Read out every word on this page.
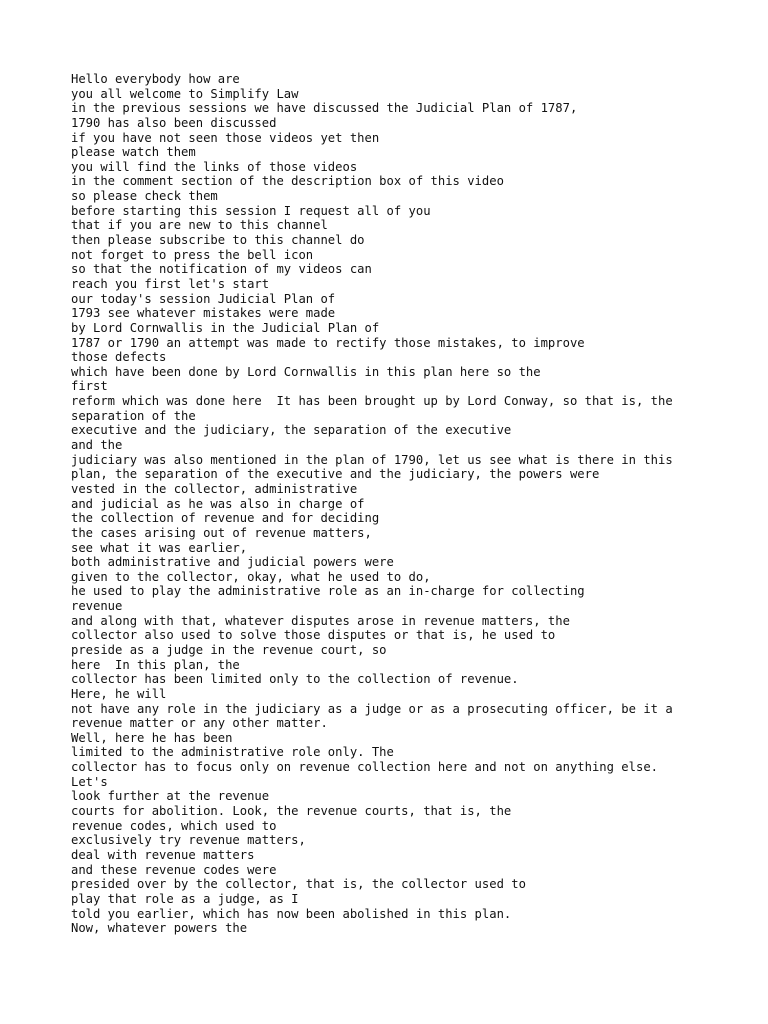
Hello everybody how are
you all welcome to Simplify Law
in the previous sessions we have discussed the Judicial Plan of 1787,
1790 has also been discussed
if you have not seen those videos yet then
please watch them
you will find the links of those videos
in the comment section of the description box of this video
so please check them
before starting this session I request all of you
that if you are new to this channel
then please subscribe to this channel do
not forget to press the bell icon
so that the notification of my videos can
reach you first let's start
our today's session Judicial Plan of
1793 see whatever mistakes were made
by Lord Cornwallis in the Judicial Plan of
1787 or 1790 an attempt was made to rectify those mistakes, to improve
those defects
which have been done by Lord Cornwallis in this plan here so the
first
reform which was done here  It has been brought up by Lord Conway, so that is, the
separation of the
executive and the judiciary, the separation of the executive
and the
judiciary was also mentioned in the plan of 1790, let us see what is there in this
plan, the separation of the executive and the judiciary, the powers were
vested in the collector, administrative
and judicial as he was also in charge of
the collection of revenue and for deciding
the cases arising out of revenue matters,
see what it was earlier,
both administrative and judicial powers were
given to the collector, okay, what he used to do,
he used to play the administrative role as an in-charge for collecting
revenue
and along with that, whatever disputes arose in revenue matters, the
collector also used to solve those disputes or that is, he used to
preside as a judge in the revenue court, so
here  In this plan, the
collector has been limited only to the collection of revenue.
Here, he will
not have any role in the judiciary as a judge or as a prosecuting officer, be it a
revenue matter or any other matter.
Well, here he has been
limited to the administrative role only. The
collector has to focus only on revenue collection here and not on anything else.
Let's
look further at the revenue
courts for abolition. Look, the revenue courts, that is, the
revenue codes, which used to
exclusively try revenue matters,
deal with revenue matters
and these revenue codes were
presided over by the collector, that is, the collector used to
play that role as a judge, as I
told you earlier, which has now been abolished in this plan.
Now, whatever powers the
